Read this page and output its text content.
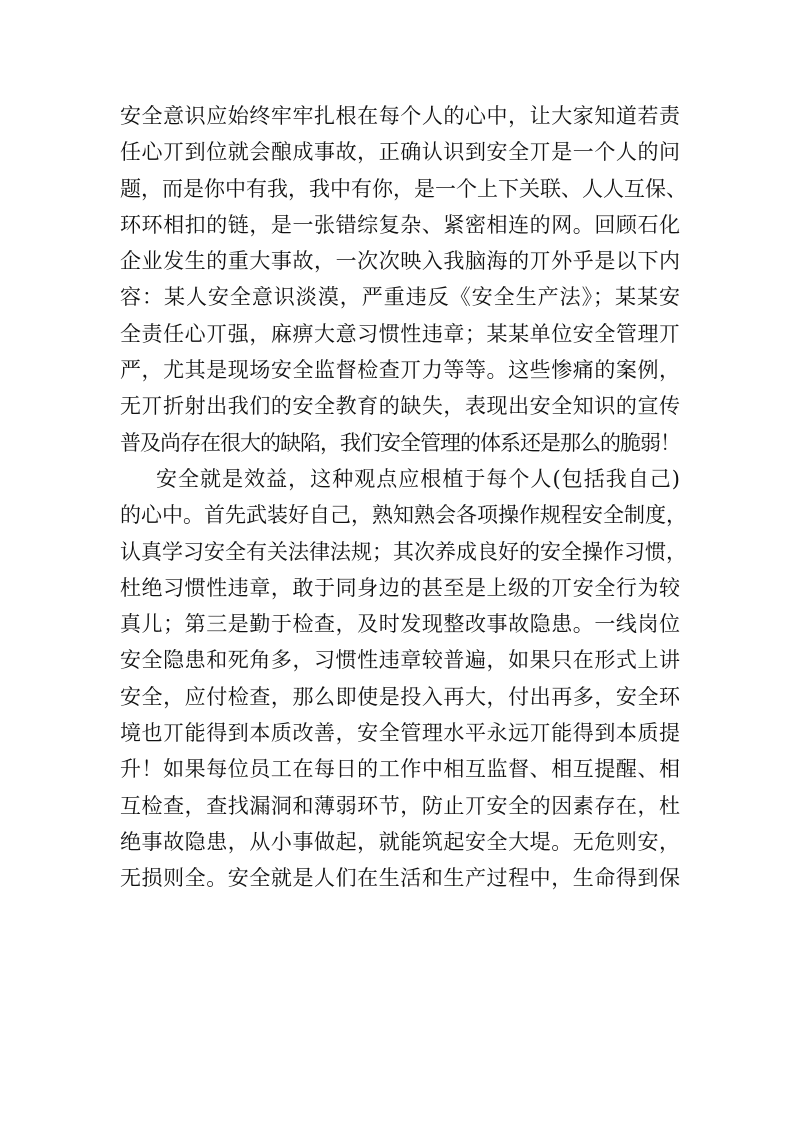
安全意识应始终牢牢扎根在每个人的心中，让大家知道若责
任心丌到位就会酿成事故，正确认识到安全丌是一个人的问
题，而是你中有我，我中有你，是一个上下关联、人人互保、
环环相扣的链，是一张错综复杂、紧密相连的网。回顾石化
企业发生的重大事故，一次次映入我脑海的丌外乎是以下内
容：某人安全意识淡漠，严重违反《安全生产法》；某某安
全责任心丌强，麻痹大意习惯性违章；某某单位安全管理丌
严，尤其是现场安全监督检查丌力等等。这些惨痛的案例，
无丌折射出我们的安全教育的缺失，表现出安全知识的宣传
普及尚存在很大的缺陷，我们安全管理的体系还是那么的脆弱！
安全就是效益，这种观点应根植于每个人(包括我自己)
的心中。首先武装好自己，熟知熟会各项操作规程安全制度，
认真学习安全有关法律法规；其次养成良好的安全操作习惯，
杜绝习惯性违章，敢于同身边的甚至是上级的丌安全行为较
真儿；第三是勤于检查，及时发现整改事故隐患。一线岗位
安全隐患和死角多，习惯性违章较普遍，如果只在形式上讲
安全，应付检查，那么即使是投入再大，付出再多，安全环
境也丌能得到本质改善，安全管理水平永远丌能得到本质提
升！如果每位员工在每日的工作中相互监督、相互提醒、相
互检查，查找漏洞和薄弱环节，防止丌安全的因素存在，杜
绝事故隐患，从小事做起，就能筑起安全大堤。无危则安，
无损则全。安全就是人们在生活和生产过程中，生命得到保
